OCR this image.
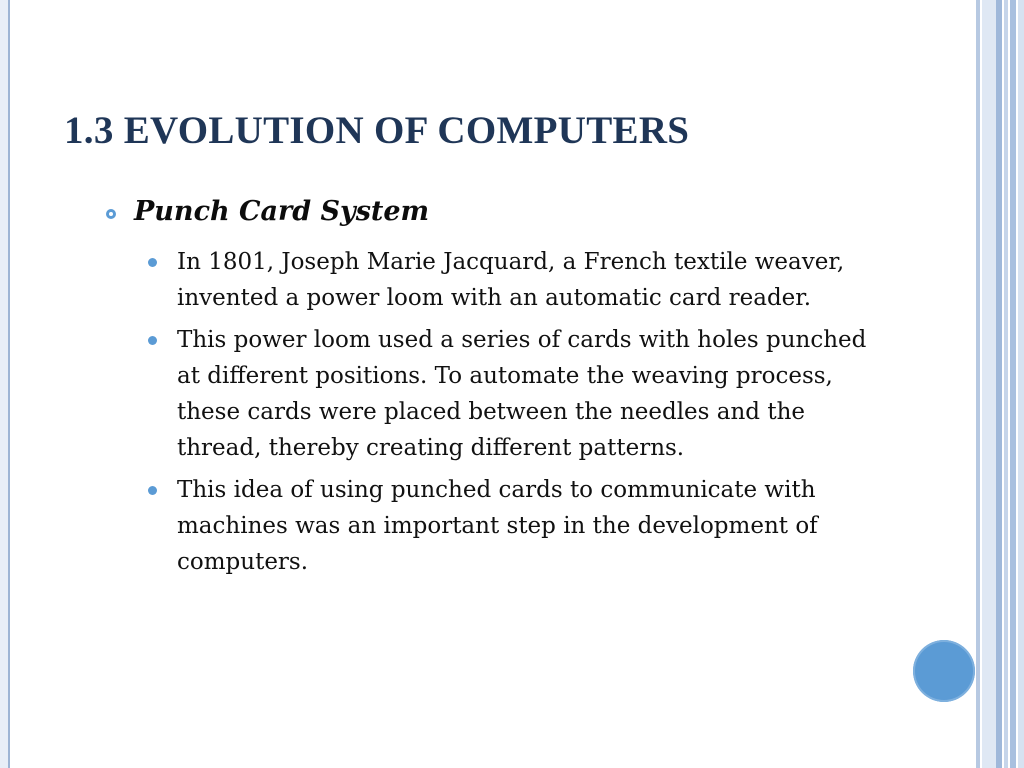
1.3 EVOLUTION OF COMPUTERS
Punch Card System
In 1801, Joseph Marie Jacquard, a French textile weaver, invented a power loom with an automatic card reader.
This power loom used a series of cards with holes punched at different positions. To automate the weaving process, these cards were placed between the needles and the thread, thereby creating different patterns.
This idea of using punched cards to communicate with machines was an important step in the development of computers.
